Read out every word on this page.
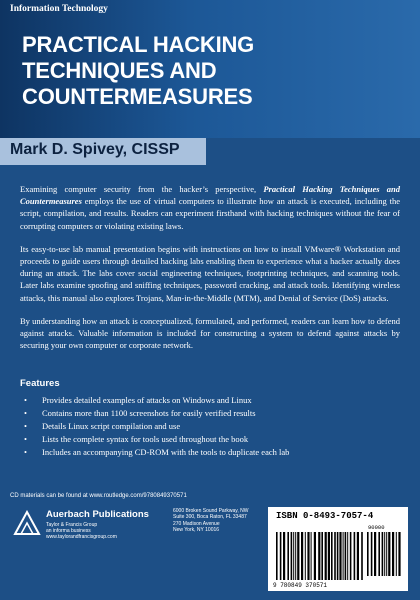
Information Technology
PRACTICAL HACKING
TECHNIQUES AND
COUNTERMEASURES
Mark D. Spivey, CISSP

Examining computer security from the hacker’s perspective, Practical Hacking Techniques and Countermeasures employs the use of virtual computers to illustrate how an attack is executed, including the script, compilation, and results. Readers can experiment firsthand with hacking techniques without the fear of corrupting computers or violating existing laws.

Its easy-to-use lab manual presentation begins with instructions on how to install VMware® Workstation and proceeds to guide users through detailed hacking labs enabling them to experience what a hacker actually does during an attack. The labs cover social engineering techniques, footprinting techniques, and scanning tools. Later labs examine spoofing and sniffing techniques, password cracking, and attack tools. Identifying wireless attacks, this manual also explores Trojans, Man-in-the-Middle (MTM), and Denial of Service (DoS) attacks.

By understanding how an attack is conceptualized, formulated, and performed, readers can learn how to defend against attacks. Valuable information is included for constructing a system to defend against attacks by securing your own computer or corporate network.

Features
• Provides detailed examples of attacks on Windows and Linux
• Contains more than 1100 screenshots for easily verified results
• Details Linux script compilation and use
• Lists the complete syntax for tools used throughout the book
• Includes an accompanying CD-ROM with the tools to duplicate each lab
CD materials can be found at www.routledge.com/9780849370571
Auerbach Publications
Taylor & Francis Group
an informa business
www.taylorandfrancisgroup.com
6000 Broken Sound Parkway, NW
Suite 300, Boca Raton, FL 33487
270 Madison Avenue
New York, NY 10016
ISBN 0-8493-7057-4
90000
9 780849 370571
